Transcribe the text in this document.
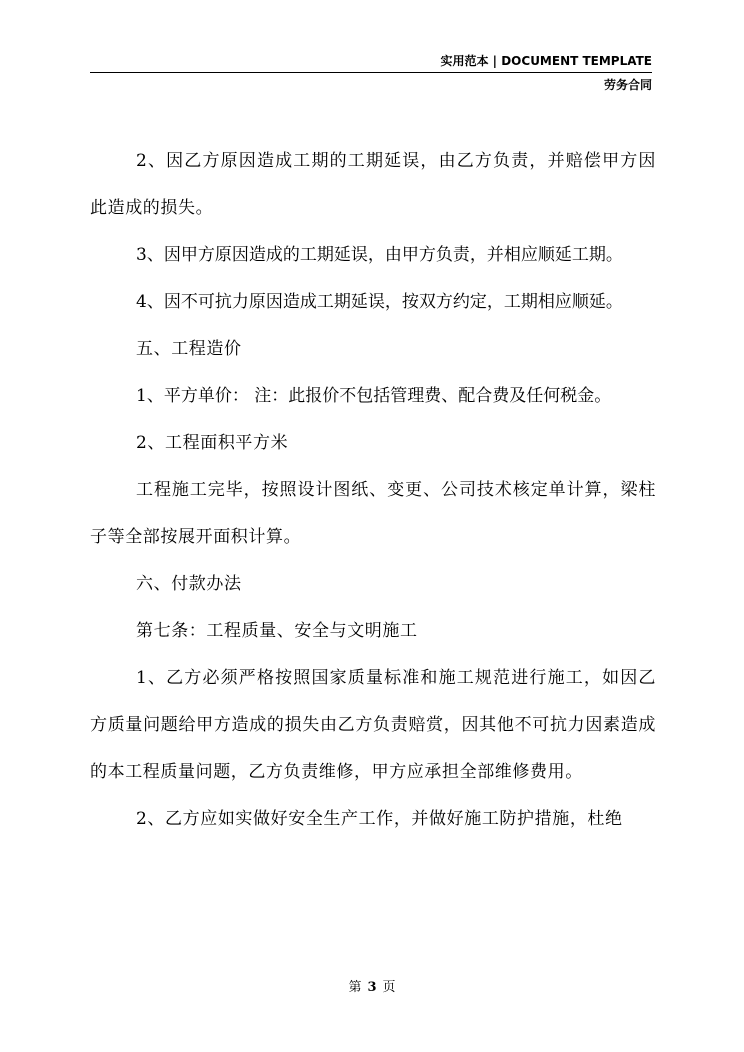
实用范本 | DOCUMENT TEMPLATE
劳务合同

2、因乙方原因造成工期的工期延误，由乙方负责，并赔偿甲方因此造成的损失。

3、因甲方原因造成的工期延误，由甲方负责，并相应顺延工期。

4、因不可抗力原因造成工期延误，按双方约定，工期相应顺延。

五、工程造价

1、平方单价： 注：此报价不包括管理费、配合费及任何税金。

2、工程面积平方米

工程施工完毕，按照设计图纸、变更、公司技术核定单计算，梁柱子等全部按展开面积计算。

六、付款办法

第七条：工程质量、安全与文明施工

1、乙方必须严格按照国家质量标准和施工规范进行施工，如因乙方质量问题给甲方造成的损失由乙方负责赔赏，因其他不可抗力因素造成的本工程质量问题，乙方负责维修，甲方应承担全部维修费用。

2、乙方应如实做好安全生产工作，并做好施工防护措施，杜绝

第 3 页
